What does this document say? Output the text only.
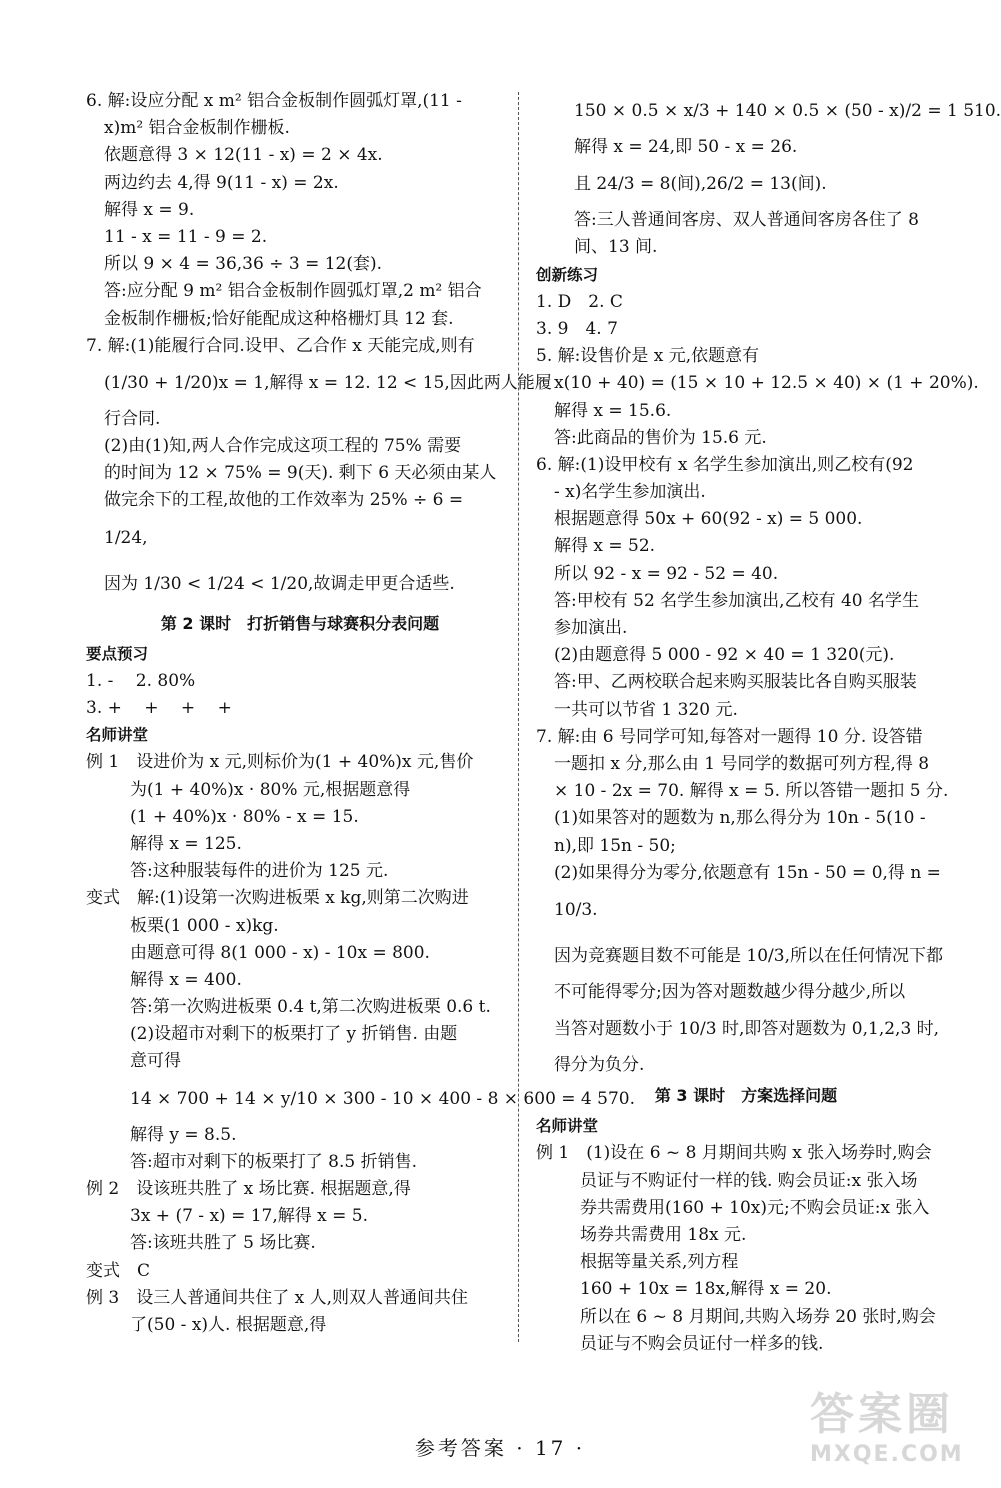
6. 解:设应分配 x m² 铝合金板制作圆弧灯罩,(11 -
x)m² 铝合金板制作栅板.
依题意得 3 × 12(11 - x) = 2 × 4x.
两边约去 4,得 9(11 - x) = 2x.
解得 x = 9.
11 - x = 11 - 9 = 2.
所以 9 × 4 = 36,36 ÷ 3 = 12(套).
答:应分配 9 m² 铝合金板制作圆弧灯罩,2 m² 铝合
金板制作栅板;恰好能配成这种格栅灯具 12 套.
7. 解:(1)能履行合同.设甲、乙合作 x 天能完成,则有
(1/30 + 1/20)x = 1,解得 x = 12. 12 < 15,因此两人能履
行合同.
(2)由(1)知,两人合作完成这项工程的 75% 需要
的时间为 12 × 75% = 9(天). 剩下 6 天必须由某人
做完余下的工程,故他的工作效率为 25% ÷ 6 =
1/24,
因为 1/30 < 1/24 < 1/20,故调走甲更合适些.
第 2 课时　打折销售与球赛积分表问题
要点预习
1. -　 2. 80%
3. +　 +　 +　 +
名师讲堂
例 1　设进价为 x 元,则标价为(1 + 40%)x 元,售价
为(1 + 40%)x · 80% 元,根据题意得
(1 + 40%)x · 80% - x = 15.
解得 x = 125.
答:这种服装每件的进价为 125 元.
变式　解:(1)设第一次购进板栗 x kg,则第二次购进
板栗(1 000 - x)kg.
由题意可得 8(1 000 - x) - 10x = 800.
解得 x = 400.
答:第一次购进板栗 0.4 t,第二次购进板栗 0.6 t.
(2)设超市对剩下的板栗打了 y 折销售. 由题
意可得
14 × 700 + 14 × y/10 × 300 - 10 × 400 - 8 × 600 = 4 570.
解得 y = 8.5.
答:超市对剩下的板栗打了 8.5 折销售.
例 2　设该班共胜了 x 场比赛. 根据题意,得
3x + (7 - x) = 17,解得 x = 5.
答:该班共胜了 5 场比赛.
变式　C
例 3　设三人普通间共住了 x 人,则双人普通间共住
了(50 - x)人. 根据题意,得
150 × 0.5 × x/3 + 140 × 0.5 × (50 - x)/2 = 1 510.
解得 x = 24,即 50 - x = 26.
且 24/3 = 8(间),26/2 = 13(间).
答:三人普通间客房、双人普通间客房各住了 8
间、13 间.
创新练习
1. D　2. C
3. 9　4. 7
5. 解:设售价是 x 元,依题意有
x(10 + 40) = (15 × 10 + 12.5 × 40) × (1 + 20%).
解得 x = 15.6.
答:此商品的售价为 15.6 元.
6. 解:(1)设甲校有 x 名学生参加演出,则乙校有(92
- x)名学生参加演出.
根据题意得 50x + 60(92 - x) = 5 000.
解得 x = 52.
所以 92 - x = 92 - 52 = 40.
答:甲校有 52 名学生参加演出,乙校有 40 名学生
参加演出.
(2)由题意得 5 000 - 92 × 40 = 1 320(元).
答:甲、乙两校联合起来购买服装比各自购买服装
一共可以节省 1 320 元.
7. 解:由 6 号同学可知,每答对一题得 10 分. 设答错
一题扣 x 分,那么由 1 号同学的数据可列方程,得 8
× 10 - 2x = 70. 解得 x = 5. 所以答错一题扣 5 分.
(1)如果答对的题数为 n,那么得分为 10n - 5(10 -
n),即 15n - 50;
(2)如果得分为零分,依题意有 15n - 50 = 0,得 n =
10/3.
因为竞赛题目数不可能是 10/3,所以在任何情况下都
不可能得零分;因为答对题数越少得分越少,所以
当答对题数小于 10/3 时,即答对题数为 0,1,2,3 时,
得分为负分.
第 3 课时　方案选择问题
名师讲堂
例 1　(1)设在 6 ~ 8 月期间共购 x 张入场券时,购会
员证与不购证付一样的钱. 购会员证:x 张入场
券共需费用(160 + 10x)元;不购会员证:x 张入
场券共需费用 18x 元.
根据等量关系,列方程
160 + 10x = 18x,解得 x = 20.
所以在 6 ~ 8 月期间,共购入场券 20 张时,购会
员证与不购会员证付一样多的钱.
参考答案 · 17 ·
答案圈
MXQE.COM
